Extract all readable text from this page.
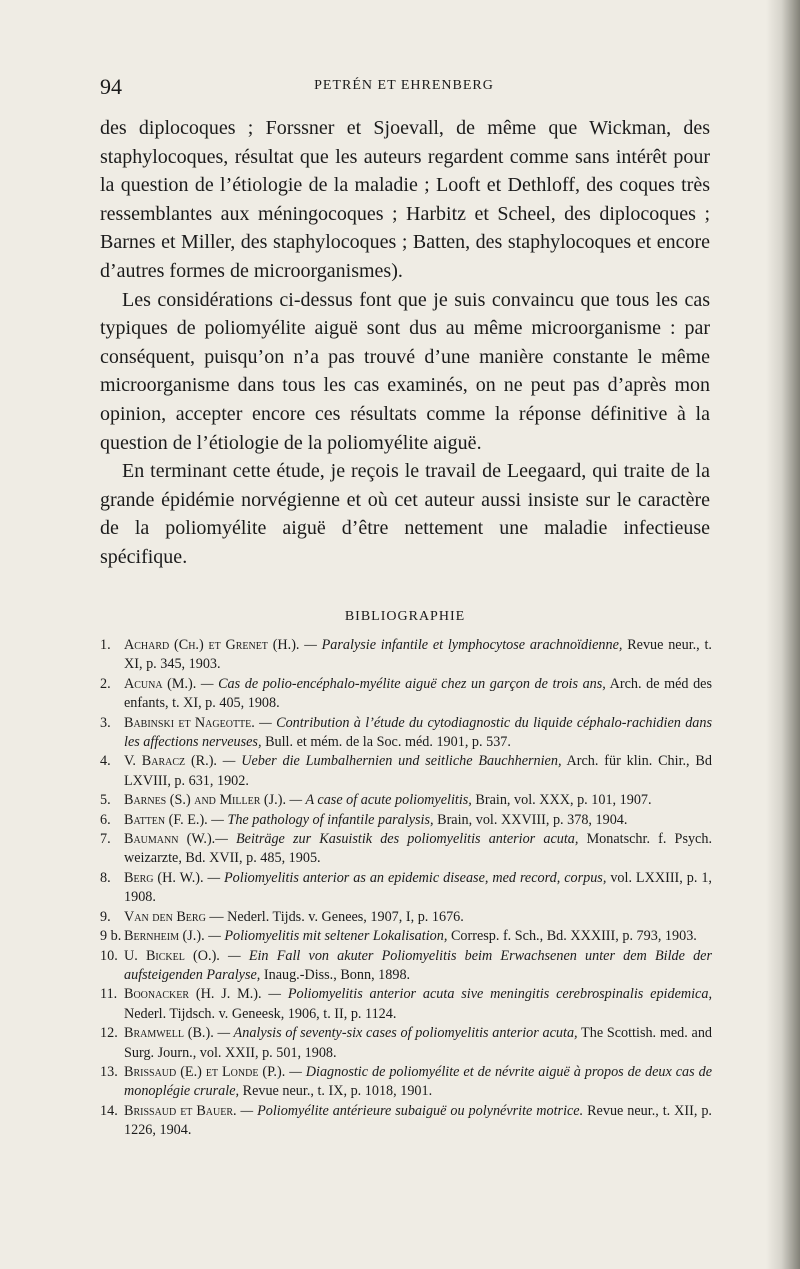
94	PETRÉN ET EHRENBERG

des diplocoques ; Forssner et Sjoevall, de même que Wickman, des staphylocoques, résultat que les auteurs regardent comme sans intérêt pour la question de l’étiologie de la maladie ; Looft et Dethloff, des coques très ressemblantes aux méningocoques ; Harbitz et Scheel, des diplocoques ; Barnes et Miller, des staphylocoques ; Batten, des staphylocoques et encore d’autres formes de microorganismes).

Les considérations ci-dessus font que je suis convaincu que tous les cas typiques de poliomyélite aiguë sont dus au même microorganisme : par conséquent, puisqu’on n’a pas trouvé d’une manière constante le même microorganisme dans tous les cas examinés, on ne peut pas d’après mon opinion, accepter encore ces résultats comme la réponse définitive à la question de l’étiologie de la poliomyélite aiguë.

En terminant cette étude, je reçois le travail de Leegaard, qui traite de la grande épidémie norvégienne et où cet auteur aussi insiste sur le caractère de la poliomyélite aiguë d’être nettement une maladie infectieuse spécifique.

BIBLIOGRAPHIE
1. Achard (Ch.) et Grenet (H.). — Paralysie infantile et lymphocytose arachnoïdienne, Revue neur., t. XI, p. 345, 1903.
2. Acuna (M.). — Cas de polio-encéphalo-myélite aiguë chez un garçon de trois ans, Arch. de méd des enfants, t. XI, p. 405, 1908.
3. Babinski et Nageotte. — Contribution à l’étude du cytodiagnostic du liquide céphalo-rachidien dans les affections nerveuses, Bull. et mém. de la Soc. méd. 1901, p. 537.
4. V. Baracz (R.). — Ueber die Lumbalhernien und seitliche Bauchhernien, Arch. für klin. Chir., Bd LXVIII, p. 631, 1902.
5. Barnes (S.) and Miller (J.). — A case of acute poliomyelitis, Brain, vol. XXX, p. 101, 1907.
6. Batten (F. E.). — The pathology of infantile paralysis, Brain, vol. XXVIII, p. 378, 1904.
7. Baumann (W.).— Beiträge zur Kasuistik des poliomyelitis anterior acuta, Monatschr. f. Psych. weizarzte, Bd. XVII, p. 485, 1905.
8. Berg (H. W.). — Poliomyelitis anterior as an epidemic disease, med record, corpus, vol. LXXIII, p. 1, 1908.
9. Van den Berg — Nederl. Tijds. v. Genees, 1907, I, p. 1676.
9 b. Bernheim (J.). — Poliomyelitis mit seltener Lokalisation, Corresp. f. Sch., Bd. XXXIII, p. 793, 1903.
10. U. Bickel (O.). — Ein Fall von akuter Poliomyelitis beim Erwachsenen unter dem Bilde der aufsteigenden Paralyse, Inaug.-Diss., Bonn, 1898.
11. Boonacker (H. J. M.). — Poliomyelitis anterior acuta sive meningitis cerebrospinalis epidemica, Nederl. Tijdsch. v. Geneesk, 1906, t. II, p. 1124.
12. Bramwell (B.). — Analysis of seventy-six cases of poliomyelitis anterior acuta, The Scottish. med. and Surg. Journ., vol. XXII, p. 501, 1908.
13. Brissaud (E.) et Londe (P.). — Diagnostic de poliomyélite et de névrite aiguë à propos de deux cas de monoplégie crurale, Revue neur., t. IX, p. 1018, 1901.
14. Brissaud et Bauer. — Poliomyélite antérieure subaiguë ou polynévrite motrice. Revue neur., t. XII, p. 1226, 1904.
